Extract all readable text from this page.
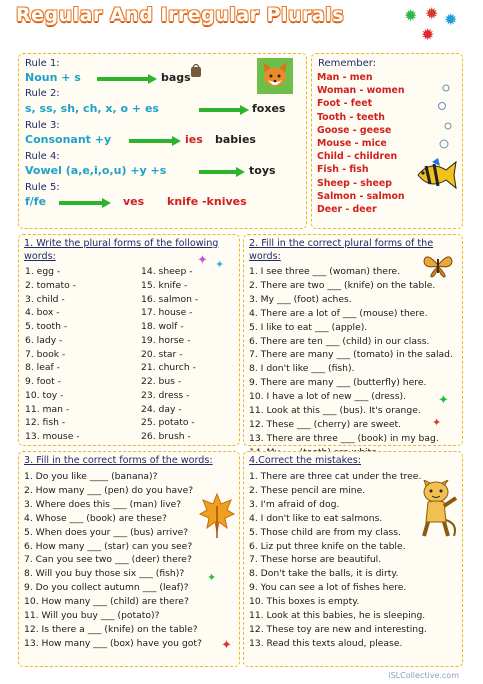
Regular And Irregular Plurals	✹ ✹ ✹
✹
Rule 1:
Noun + s	bags
Rule 2:
s, ss, sh, ch, x, o + es	foxes
Rule 3:
Consonant +y	ies babies
Rule 4:
Vowel (a,e,i,o,u) +y +s	toys
Rule 5:
f/fe	ves knife -knives
Remember:
Man - men
Woman - women
Foot - feet
Tooth - teeth
Goose - geese
Mouse - mice
Child - children
Fish - fish
Sheep - sheep
Salmon - salmon
Deer - deer
1. Write the plural forms of the following
words:
1. egg -
2. tomato -
3. child -
4. box -
5. tooth -
6. lady -
7. book -
8. leaf -
9. foot -
10. toy -
11. man -
12. fish -
13. mouse -
14. sheep -
15. knife -
16. salmon -
17. house -
18. wolf -
19. horse -
20. star -
21. church -
22. bus -
23. dress -
24. day -
25. potato -
26. brush -
✦ ✦
2. Fill in the correct plural forms of the
words:
1. I see three ___ (woman) there.
2. There are two ___ (knife) on the table.
3. My ___ (foot) aches.
4. There are a lot of ___ (mouse) there.
5. I like to eat ___ (apple).
6. There are ten ___ (child) in our class.
7. There are many ___ (tomato) in the salad.
8. I don't like ___ (fish).
9. There are many ___ (butterfly) here.
10. I have a lot of new ___ (dress).
11. Look at this ___ (bus). It's orange.
12. These ___ (cherry) are sweet.
13. There are three ___ (book) in my bag.
✦
✦
3. Fill in the correct forms of the words:
1. Do you like ____ (banana)?
2. How many ___ (pen) do you have?
3. Where does this ___ (man) live?
4. Whose ___ (book) are these?
5. When does your ___ (bus) arrive?
6. How many ___ (star) can you see?
7. Can you see two ___ (deer) there?
8. Will you buy those six ___ (fish)?
9. Do you collect autumn ___ (leaf)?
10. How many ___ (child) are there?
11. Will you buy ___ (potato)?
12. Is there a ___ (knife) on the table?
13. How many ___ (box) have you got?
✦
✦
4.Correct the mistakes:
1. There are three cat under the tree.
2. These pencil are mine.
3. I'm afraid of dog.
4. I don't like to eat salmons.
5. Those child are from my class.
6. Liz put three knife on the table.
7. These horse are beautiful.
8. Don't take the balls, it is dirty.
9. You can see a lot of fishes here.
10. This boxes is empty.
11. Look at this babies, he is sleeping.
12. These toy are new and interesting.
13. Read this texts aloud, please.
iSLCollective.com
